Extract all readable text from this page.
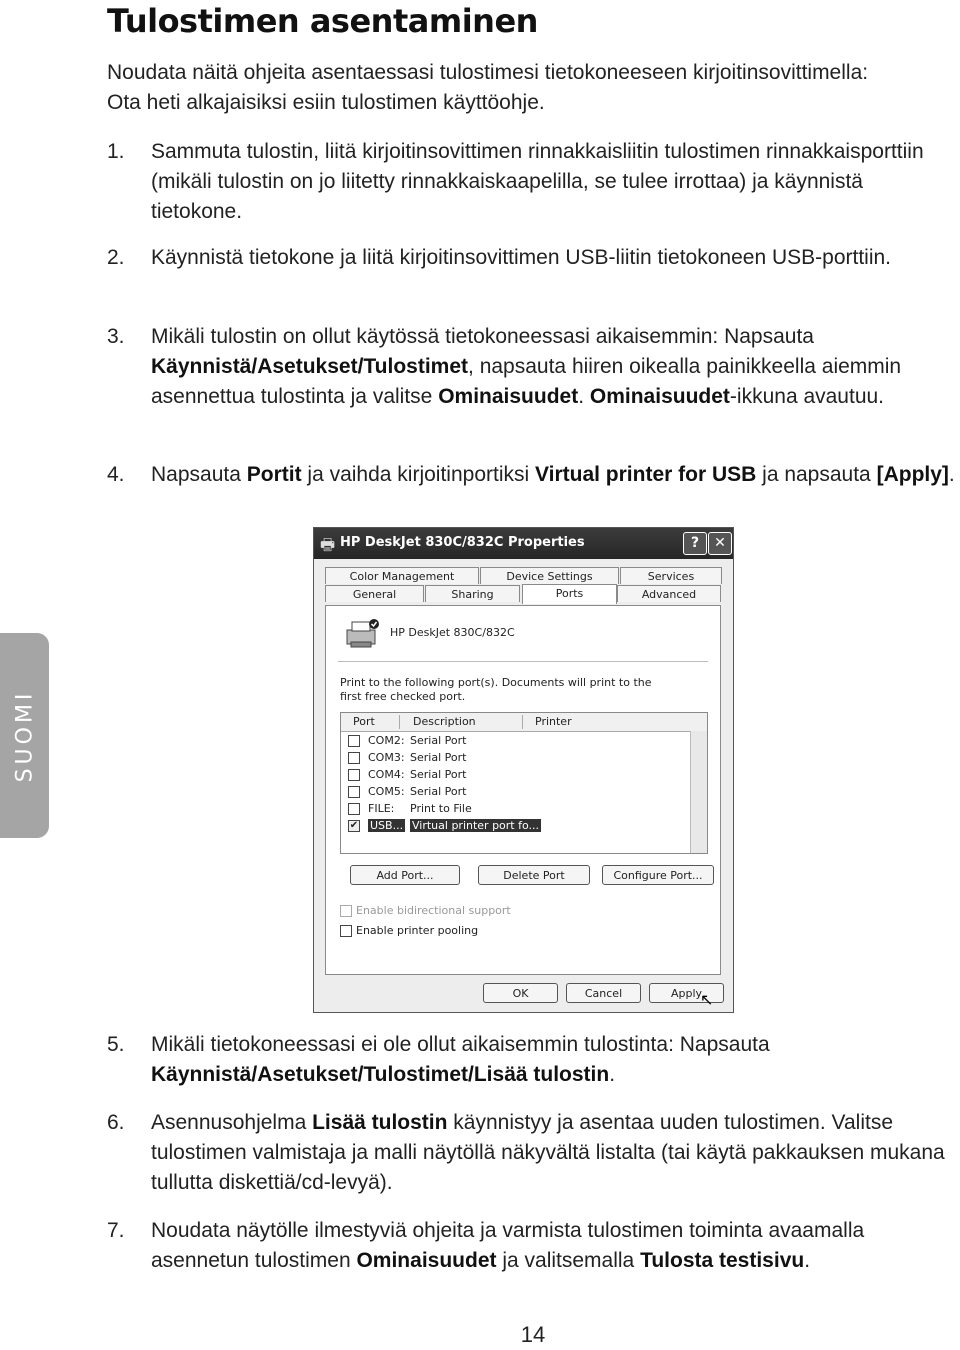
Tulostimen asentaminen

Noudata näitä ohjeita asentaessasi tulostimesi tietokoneeseen kirjoitinsovittimella: Ota heti alkajaisiksi esiin tulostimen käyttöohje.

1. Sammuta tulostin, liitä kirjoitinsovittimen rinnakkaisliitin tulostimen rinnakkaisporttiin (mikäli tulostin on jo liitetty rinnakkaiskaapelilla, se tulee irrottaa) ja käynnistä tietokone.
2. Käynnistä tietokone ja liitä kirjoitinsovittimen USB-liitin tietokoneen USB-porttiin.
3. Mikäli tulostin on ollut käytössä tietokoneessasi aikaisemmin: Napsauta Käynnistä/Asetukset/Tulostimet, napsauta hiiren oikealla painikkeella aiemmin asennettua tulostinta ja valitse Ominaisuudet. Ominaisuudet-ikkuna avautuu.
4. Napsauta Portit ja vaihda kirjoitinportiksi Virtual printer for USB ja napsauta [Apply].
🖶 HP DeskJet 830C/832C Properties	?	✕
Color Management	Device Settings	Services
General	Sharing	Advanced
HP DeskJet 830C/832C
Print to the following port(s). Documents will print to the first free checked port.
Port	Description	Printer
COM2: Serial Port
COM3: Serial Port
COM4: Serial Port
COM5: Serial Port
FILE: Print to File
✔ USB... Virtual printer port fo...
Add Port...	Delete Port	Configure Port...
Enable bidirectional support
Enable printer pooling
Ports
OK	Cancel	Apply
↖
5. Mikäli tietokoneessasi ei ole ollut aikaisemmin tulostinta: Napsauta Käynnistä/Asetukset/Tulostimet/Lisää tulostin.
6. Asennusohjelma Lisää tulostin käynnistyy ja asentaa uuden tulostimen. Valitse tulostimen valmistaja ja malli näytöllä näkyvältä listalta (tai käytä pakkauksen mukana tullutta diskettiä/cd-levyä).
7. Noudata näytölle ilmestyviä ohjeita ja varmista tulostimen toiminta avaamalla asennetun tulostimen Ominaisuudet ja valitsemalla Tulosta testisivu.
SUOMI
14
